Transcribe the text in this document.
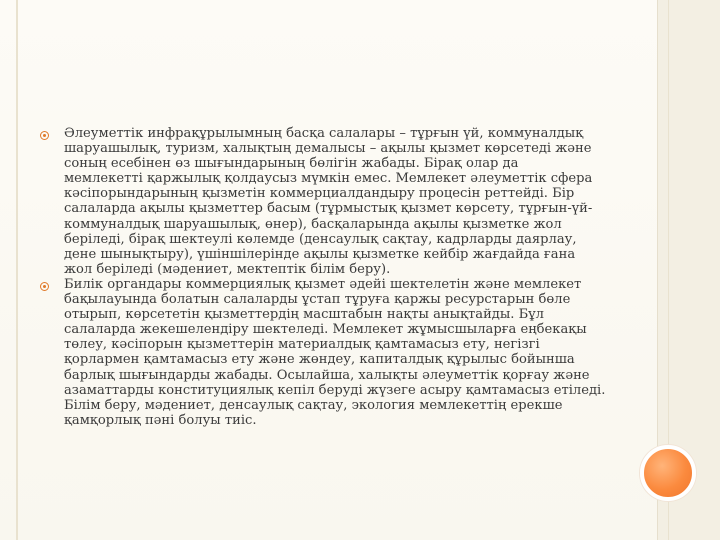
Әлеуметтік инфрақұрылымның басқа салалары – тұрғын үй, коммуналдық
шаруашылық, туризм, халықтың демалысы – ақылы қызмет көрсетеді және
соның есебінен өз шығындарының бөлігін жабады. Бірақ олар да
мемлекетті қаржылық қолдаусыз мүмкін емес. Мемлекет әлеуметтік сфера
кәсіпорындарының қызметін коммерциалдандыру процесін реттейді. Бір
салаларда ақылы қызметтер басым (тұрмыстық қызмет көрсету, тұрғын-үй-
коммуналдық шаруашылық, өнер), басқаларында ақылы қызметке жол
беріледі, бірақ шектеулі көлемде (денсаулық сақтау, кадрларды даярлау,
дене шынықтыру), үшіншілерінде ақылы қызметке кейбір жағдайда ғана
жол беріледі (мәдениет, мектептік білім беру).

Билік органдары коммерциялық қызмет әдейі шектелетін және мемлекет
бақылауында болатын салаларды ұстап тұруға қаржы ресурстарын бөле
отырып, көрсететін қызметтердің масштабын нақты анықтайды. Бұл
салаларда жекешелендіру шектеледі. Мемлекет жұмысшыларға еңбекақы
төлеу, кәсіпорын қызметтерін материалдық қамтамасыз ету, негізгі
қорлармен қамтамасыз ету және жөндеу, капиталдық құрылыс бойынша
барлық шығындарды жабады. Осылайша, халықты әлеуметтік қорғау және
азаматтарды конституциялық кепіл беруді жүзеге асыру қамтамасыз етіледі.
Білім беру, мәдениет, денсаулық сақтау, экология мемлекеттің ерекше
қамқорлық пәні болуы тиіс.
